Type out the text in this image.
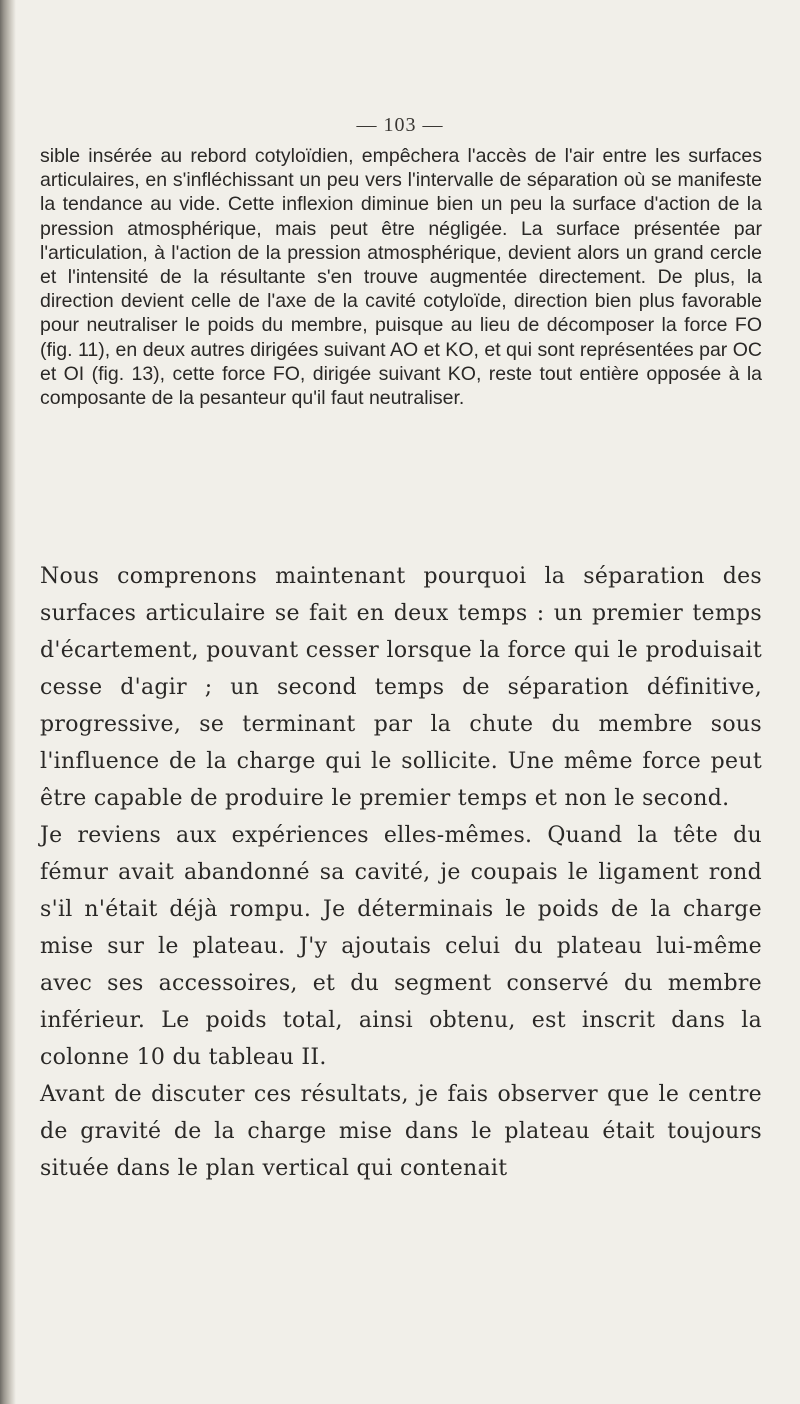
— 103 —

sible insérée au rebord cotyloïdien, empêchera l'accès de l'air entre les surfaces articulaires, en s'infléchissant un peu vers l'intervalle de séparation où se manifeste la tendance au vide. Cette inflexion diminue bien un peu la surface d'action de la pression atmosphérique, mais peut être négligée. La surface présentée par l'articulation, à l'action de la pression atmosphérique, devient alors un grand cercle et l'intensité de la résultante s'en trouve augmentée directement. De plus, la direction devient celle de l'axe de la cavité cotyloïde, direction bien plus favorable pour neutraliser le poids du membre, puisque au lieu de décomposer la force FO (fig. 11), en deux autres dirigées suivant AO et KO, et qui sont représentées par OC et OI (fig. 13), cette force FO, dirigée suivant KO, reste tout entière opposée à la composante de la pesanteur qu'il faut neutraliser.

Nous comprenons maintenant pourquoi la séparation des surfaces articulaire se fait en deux temps : un premier temps d'écartement, pouvant cesser lorsque la force qui le produisait cesse d'agir ; un second temps de séparation définitive, progressive, se terminant par la chute du membre sous l'influence de la charge qui le sollicite. Une même force peut être capable de produire le premier temps et non le second.

Je reviens aux expériences elles-mêmes. Quand la tête du fémur avait abandonné sa cavité, je coupais le ligament rond s'il n'était déjà rompu. Je déterminais le poids de la charge mise sur le plateau. J'y ajoutais celui du plateau lui-même avec ses accessoires, et du segment conservé du membre inférieur. Le poids total, ainsi obtenu, est inscrit dans la colonne 10 du tableau II.

Avant de discuter ces résultats, je fais observer que le centre de gravité de la charge mise dans le plateau était toujours située dans le plan vertical qui contenait
